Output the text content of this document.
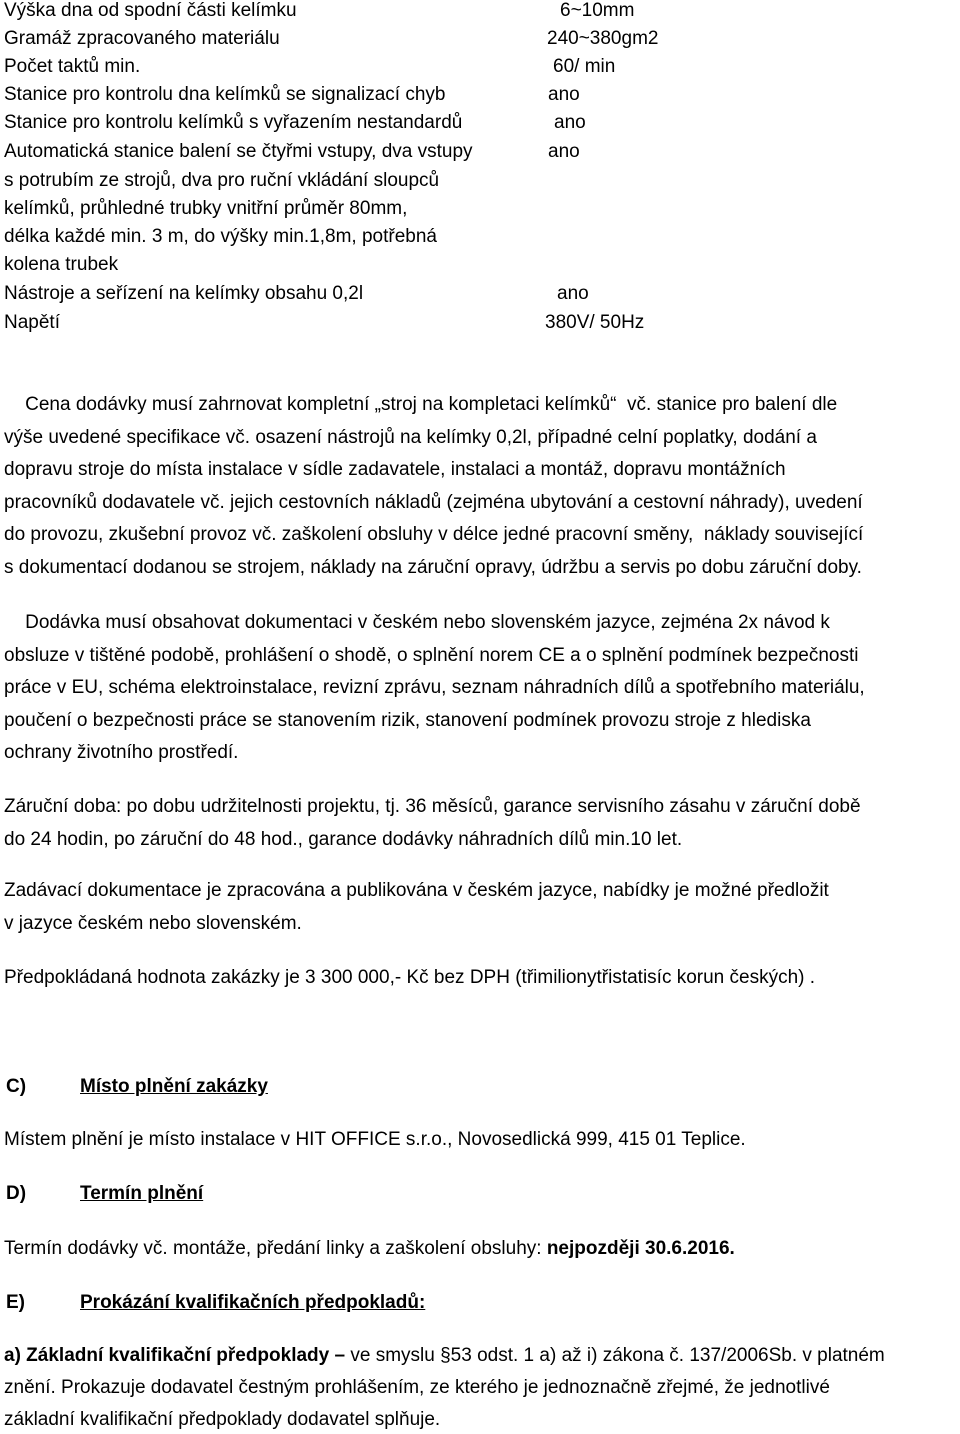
Výška dna od spodní části kelímku	6~10mm
Gramáž zpracovaného materiálu	240~380gm2
Počet taktů min.	60/ min
Stanice pro kontrolu dna kelímků se signalizací chyb	ano
Stanice pro kontrolu kelímků s vyřazením nestandardů	ano
Automatická stanice balení se čtyřmi vstupy, dva vstupy	ano
s potrubím ze strojů, dva pro ruční vkládání sloupců
kelímků, průhledné trubky vnitřní průměr 80mm,
délka každé min. 3 m, do výšky min.1,8m, potřebná
kolena trubek
Nástroje a seřízení na kelímky obsahu 0,2l	ano
Napětí	380V/ 50Hz
Cena dodávky musí zahrnovat kompletní „stroj na kompletaci kelímků“  vč. stanice pro balení dle
výše uvedené specifikace vč. osazení nástrojů na kelímky 0,2l, případné celní poplatky, dodání a
dopravu stroje do místa instalace v sídle zadavatele, instalaci a montáž, dopravu montážních
pracovníků dodavatele vč. jejich cestovních nákladů (zejména ubytování a cestovní náhrady), uvedení
do provozu, zkušební provoz vč. zaškolení obsluhy v délce jedné pracovní směny,  náklady související
s dokumentací dodanou se strojem, náklady na záruční opravy, údržbu a servis po dobu záruční doby.
Dodávka musí obsahovat dokumentaci v českém nebo slovenském jazyce, zejména 2x návod k
obsluze v tištěné podobě, prohlášení o shodě, o splnění norem CE a o splnění podmínek bezpečnosti
práce v EU, schéma elektroinstalace, revizní zprávu, seznam náhradních dílů a spotřebního materiálu,
poučení o bezpečnosti práce se stanovením rizik, stanovení podmínek provozu stroje z hlediska
ochrany životního prostředí.
Záruční doba: po dobu udržitelnosti projektu, tj. 36 měsíců, garance servisního zásahu v záruční době
do 24 hodin, po záruční do 48 hod., garance dodávky náhradních dílů min.10 let.
Zadávací dokumentace je zpracována a publikována v českém jazyce, nabídky je možné předložit
v jazyce českém nebo slovenském.
Předpokládaná hodnota zakázky je 3 300 000,- Kč bez DPH (třimilionytřistatisíc korun českých) .
C)	Místo plnění zakázky
Místem plnění je místo instalace v HIT OFFICE s.r.o., Novosedlická 999, 415 01 Teplice.
D)	Termín plnění
Termín dodávky vč. montáže, předání linky a zaškolení obsluhy: nejpozději 30.6.2016.
E)	Prokázání kvalifikačních předpokladů:
a) Základní kvalifikační předpoklady – ve smyslu §53 odst. 1 a) až i) zákona č. 137/2006Sb. v platném
znění. Prokazuje dodavatel čestným prohlášením, ze kterého je jednoznačně zřejmé, že jednotlivé
základní kvalifikační předpoklady dodavatel splňuje.
